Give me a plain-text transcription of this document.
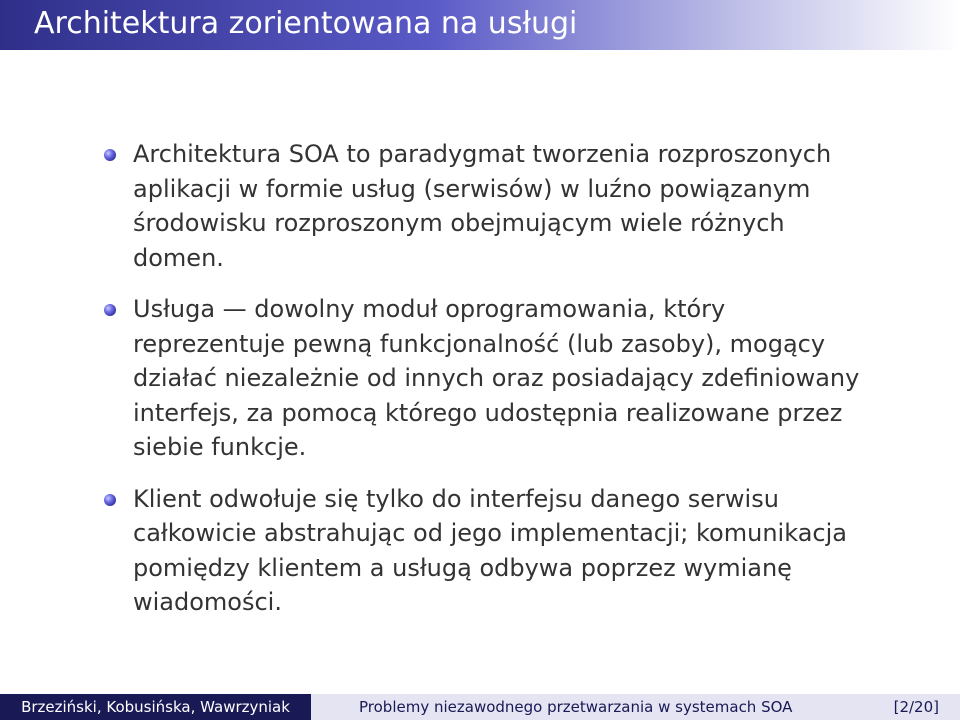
Architektura zorientowana na usługi
Architektura SOA to paradygmat tworzenia rozproszonych aplikacji w formie usług (serwisów) w luźno powiązanym środowisku rozproszonym obejmującym wiele różnych domen.
Usługa — dowolny moduł oprogramowania, który reprezentuje pewną funkcjonalność (lub zasoby), mogący działać niezależnie od innych oraz posiadający zdefiniowany interfejs, za pomocą którego udostępnia realizowane przez siebie funkcje.
Klient odwołuje się tylko do interfejsu danego serwisu całkowicie abstrahując od jego implementacji; komunikacja pomiędzy klientem a usługą odbywa poprzez wymianę wiadomości.
Brzeziński, Kobusińska, Wawrzyniak	Problemy niezawodnego przetwarzania w systemach SOA	[2/20]
